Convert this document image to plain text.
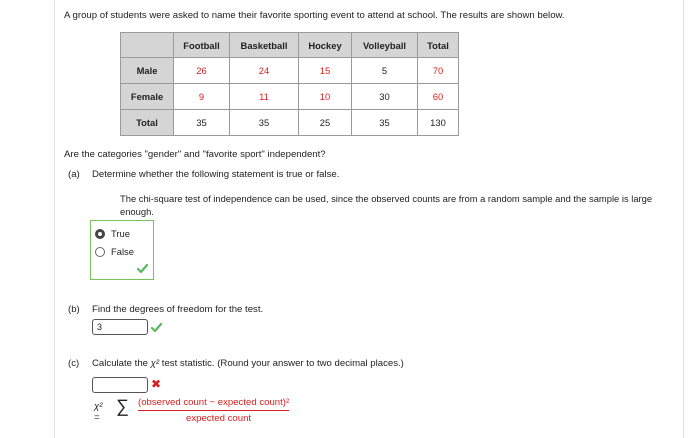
A group of students were asked to name their favorite sporting event to attend at school. The results are shown below.
	Football	Basketball	Hockey	Volleyball	Total
Male	26	24	15	5	70
Female	9	11	10	30	60
Total	35	35	25	35	130
Are the categories "gender" and "favorite sport" independent?
(a) Determine whether the following statement is true or false.
The chi-square test of independence can be used, since the observed counts are from a random sample and the sample is large enough.
True
False
(b) Find the degrees of freedom for the test.
3
(c) Calculate the χ² test statistic. (Round your answer to two decimal places.)
✖
χ² =
∑ (observed count − expected count)²
expected count
